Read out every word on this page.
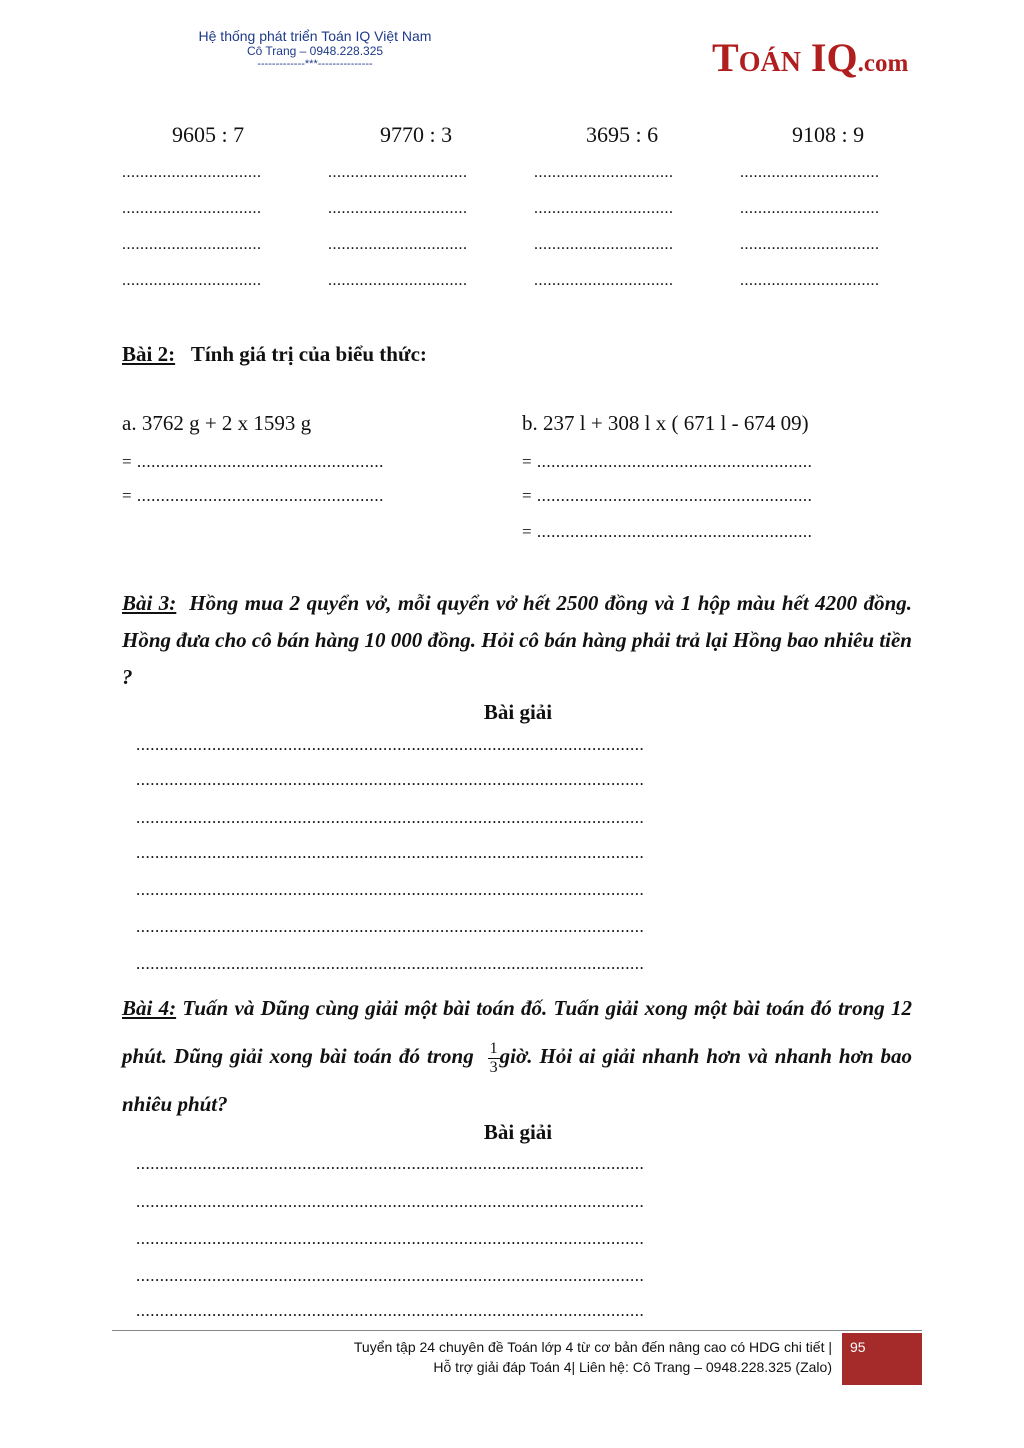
Hệ thống phát triển Toán IQ Việt Nam
Cô Trang – 0948.228.325
-------------***---------------	TOÁN IQ.com
9605 : 7	9770 : 3	3695 : 6	9108 : 9
...............................	...............................	...............................	...............................
...............................	...............................	...............................	...............................
...............................	...............................	...............................	...............................
...............................	...............................	...............................	...............................
Bài 2: Tính giá trị của biểu thức:
a. 3762 g + 2 x 1593 g	b. 237 l + 308 l x ( 671 l - 674 09)
= ....................................................
= ....................................................
= ..........................................................
= ..........................................................
= ..........................................................
Bài 3: Hồng mua 2 quyển vở, mỗi quyển vở hết 2500 đồng và 1 hộp màu hết 4200 đồng. Hồng đưa cho cô bán hàng 10 000 đồng. Hỏi cô bán hàng phải trả lại Hồng bao nhiêu tiền ?
Bài giải
...........................................................................................................
...........................................................................................................
...........................................................................................................
...........................................................................................................
...........................................................................................................
...........................................................................................................
...........................................................................................................
Bài 4: Tuấn và Dũng cùng giải một bài toán đố. Tuấn giải xong một bài toán đó trong 12 phút. Dũng giải xong bài toán đó trong $\frac{1}{3}$ giờ. Hỏi ai giải nhanh hơn và nhanh hơn bao nhiêu phút?
Bài giải
...........................................................................................................
...........................................................................................................
...........................................................................................................
...........................................................................................................
...........................................................................................................
Tuyển tập 24 chuyên đề Toán lớp 4 từ cơ bản đến nâng cao có HDG chi tiết |
Hỗ trợ giải đáp Toán 4| Liên hệ: Cô Trang – 0948.228.325 (Zalo)
95
